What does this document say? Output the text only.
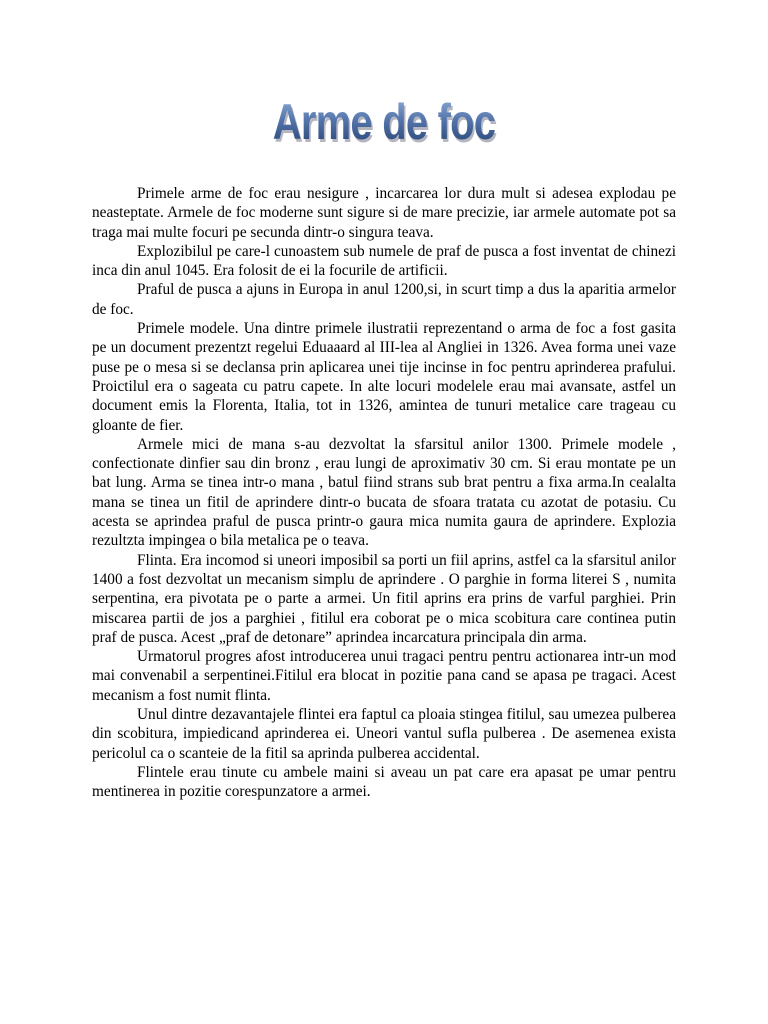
Arme de foc

Primele arme de foc erau nesigure , incarcarea lor dura mult si adesea explodau pe neasteptate. Armele de foc moderne sunt sigure si de mare precizie, iar armele automate pot sa traga mai multe focuri pe secunda dintr-o singura teava.

Explozibilul pe care-l cunoastem sub numele de praf de pusca a fost inventat de chinezi inca din anul 1045. Era folosit de ei la focurile de artificii.

Praful de pusca a ajuns in Europa in anul 1200,si, in scurt timp a dus la aparitia armelor de foc.

Primele modele. Una dintre primele ilustratii reprezentand o arma de foc a fost gasita pe un document prezentzt regelui Eduaaard al III-lea al Angliei in 1326. Avea forma unei vaze puse pe o mesa si se declansa prin aplicarea unei tije incinse in foc pentru aprinderea prafului. Proictilul era o sageata cu patru capete. In alte locuri modelele erau mai avansate, astfel un document emis la Florenta, Italia, tot in 1326, amintea de tunuri metalice care trageau cu gloante de fier.

Armele mici de mana s-au dezvoltat la sfarsitul anilor 1300. Primele modele , confectionate dinfier sau din bronz , erau lungi de aproximativ 30 cm. Si erau montate pe un bat lung. Arma se tinea intr-o mana , batul fiind strans sub brat pentru a fixa arma.In cealalta mana se tinea un fitil de aprindere dintr-o bucata de sfoara tratata cu azotat de potasiu. Cu acesta se aprindea praful de pusca printr-o gaura mica numita gaura de aprindere. Explozia rezultzta impingea o bila metalica pe o teava.

Flinta. Era incomod si uneori imposibil sa porti un fiil aprins, astfel ca la sfarsitul anilor 1400 a fost dezvoltat un mecanism simplu de aprindere . O parghie in forma literei S , numita serpentina, era pivotata pe o parte a armei. Un fitil aprins era prins de varful parghiei. Prin miscarea partii de jos a parghiei , fitilul era coborat pe o mica scobitura care continea putin praf de pusca. Acest „praf de detonare” aprindea incarcatura principala din arma.

Urmatorul progres afost introducerea unui tragaci pentru pentru actionarea intr-un mod mai convenabil a serpentinei.Fitilul era blocat in pozitie pana cand se apasa pe tragaci. Acest mecanism a fost numit flinta.

Unul dintre dezavantajele flintei era faptul ca ploaia stingea fitilul, sau umezea pulberea din scobitura, impiedicand aprinderea ei. Uneori vantul sufla pulberea . De asemenea exista pericolul ca o scanteie de la fitil sa aprinda pulberea accidental.

Flintele erau tinute cu ambele maini si aveau un pat care era apasat pe umar pentru mentinerea in pozitie corespunzatore a armei.
